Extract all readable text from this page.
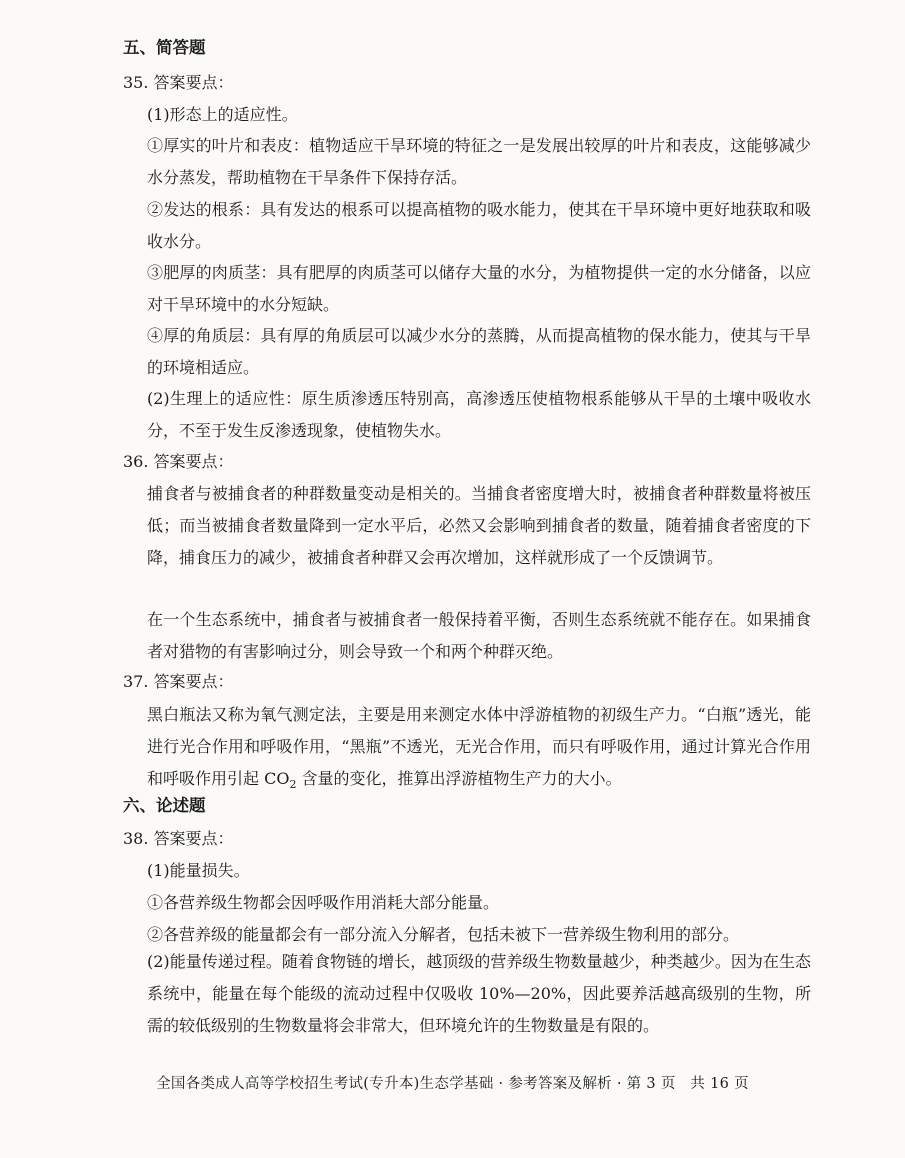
五、简答题
35. 答案要点：
(1)形态上的适应性。
①厚实的叶片和表皮：植物适应干旱环境的特征之一是发展出较厚的叶片和表皮，这能够减少水分蒸发，帮助植物在干旱条件下保持存活。
②发达的根系：具有发达的根系可以提高植物的吸水能力，使其在干旱环境中更好地获取和吸收水分。
③肥厚的肉质茎：具有肥厚的肉质茎可以储存大量的水分，为植物提供一定的水分储备，以应对干旱环境中的水分短缺。
④厚的角质层：具有厚的角质层可以减少水分的蒸腾，从而提高植物的保水能力，使其与干旱的环境相适应。
(2)生理上的适应性：原生质渗透压特别高，高渗透压使植物根系能够从干旱的土壤中吸收水分，不至于发生反渗透现象，使植物失水。
36. 答案要点：
捕食者与被捕食者的种群数量变动是相关的。当捕食者密度增大时，被捕食者种群数量将被压低；而当被捕食者数量降到一定水平后，必然又会影响到捕食者的数量，随着捕食者密度的下降，捕食压力的减少，被捕食者种群又会再次增加，这样就形成了一个反馈调节。
在一个生态系统中，捕食者与被捕食者一般保持着平衡，否则生态系统就不能存在。如果捕食者对猎物的有害影响过分，则会导致一个和两个种群灭绝。
37. 答案要点：
黑白瓶法又称为氧气测定法，主要是用来测定水体中浮游植物的初级生产力。“白瓶”透光，能进行光合作用和呼吸作用，“黑瓶”不透光，无光合作用，而只有呼吸作用，通过计算光合作用和呼吸作用引起 $CO_2$ 含量的变化，推算出浮游植物生产力的大小。
六、论述题
38. 答案要点：
(1)能量损失。
①各营养级生物都会因呼吸作用消耗大部分能量。
②各营养级的能量都会有一部分流入分解者，包括未被下一营养级生物利用的部分。
(2)能量传递过程。随着食物链的增长，越顶级的营养级生物数量越少，种类越少。因为在生态系统中，能量在每个能级的流动过程中仅吸收 10%—20%，因此要养活越高级别的生物，所需的较低级别的生物数量将会非常大，但环境允许的生物数量是有限的。
全国各类成人高等学校招生考试(专升本)生态学基础 · 参考答案及解析 · 第 3 页　共 16 页
